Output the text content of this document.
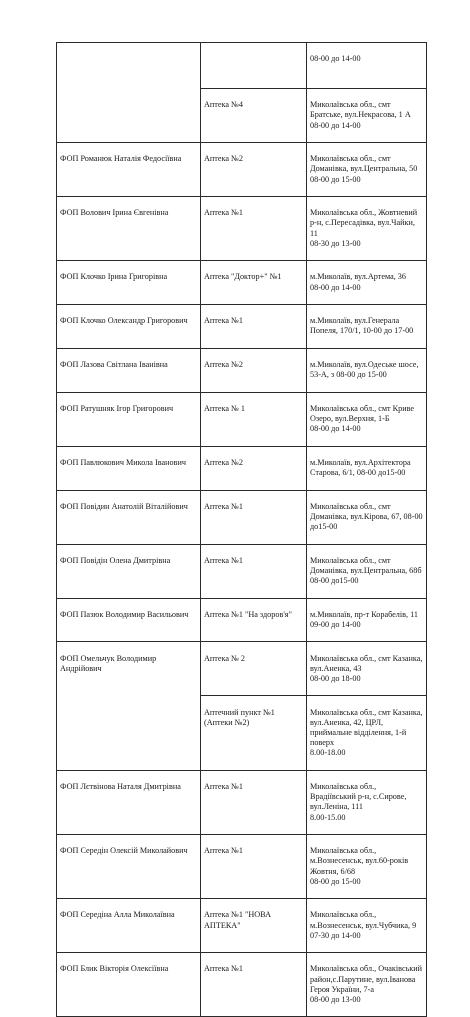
		08-00 до 14-00

	Аптека №4	Миколаївська обл., смт Братське, вул.Некрасова, 1 А
08-00 до 14-00

ФОП Романюк Наталія Федосіївна	Аптека №2	Миколаївська обл., смт Доманівка, вул.Центральна, 50
08-00 до 15-00

ФОП Волович Ірина Євгенівна	Аптека №1	Миколаївська обл., Жовтневий р-н, с.Пересадівка, вул.Чайки, 11
08-30 до 13-00

ФОП Клочко Ірина Григорівна	Аптека "Доктор+" №1	м.Миколаїв, вул.Артема, 36
08-00 до 14-00

ФОП Клочко Олександр Григорович	Аптека №1	м.Миколаїв, вул.Генерала Попеля, 170/1, 10-00 до 17-00

ФОП Лазова Світлана Іванівна	Аптека №2	м.Миколаїв, вул.Одеське шосе, 53-А, з 08-00 до 15-00

ФОП Ратушняк Ігор Григорович	Аптека № 1	Миколаївська обл., смт Криве Озеро, вул.Верхня, 1-Б
08-00 до 14-00

ФОП Павлюкович Микола Іванович	Аптека №2	м.Миколаїв, вул.Архітектора Старова, 6/1, 08-00 до15-00

ФОП Повідин Анатолій Віталійович	Аптека №1	Миколаївська обл., смт Доманівка, вул.Кірова, 67, 08-00 до15-00

ФОП Повідін Олена Дмитрівна	Аптека №1	Миколаївська обл., смт Доманівка, вул.Центральна, 68б
08-00 до15-00

ФОП Пазюк Володимир Васильович	Аптека №1 "На здоров'я"	м.Миколаїв, пр-т Корабелів, 11
09-00 до 14-00

ФОП Омельчук Володимир Андрійович	Аптека № 2	Миколаївська обл., смт Казанка, вул.Аненка, 43
08-00 до 18-00

	Аптечний пункт №1 (Аптеки №2)	Миколаївська обл., смт Казанка, вул.Аненка, 42, ЦРЛ, приймальне відділення, 1-й поверх
8.00-18.00

ФОП Лєтвінова Наталя Дмитрівна	Аптека №1	Миколаївська обл., Врадіївський р-н, с.Сирове, вул.Леніна, 111
8.00-15.00

ФОП Середін Олексій Миколайович	Аптека №1	Миколаївська обл., м.Вознесенськ, вул.60-років Жовтня, 6/68
08-00 до 15-00

ФОП Середіна Алла Миколаївна	Аптека №1 "НОВА АПТЕКА"	Миколаївська обл., м.Вознесенськ, вул.Чубчика, 9
07-30 до 14-00

ФОП Блик Вікторія Олексіївна	Аптека №1	Миколаївська обл., Очаківський район,с.Парутине, вул.Іванова Героя України, 7-а
08-00 до 13-00
